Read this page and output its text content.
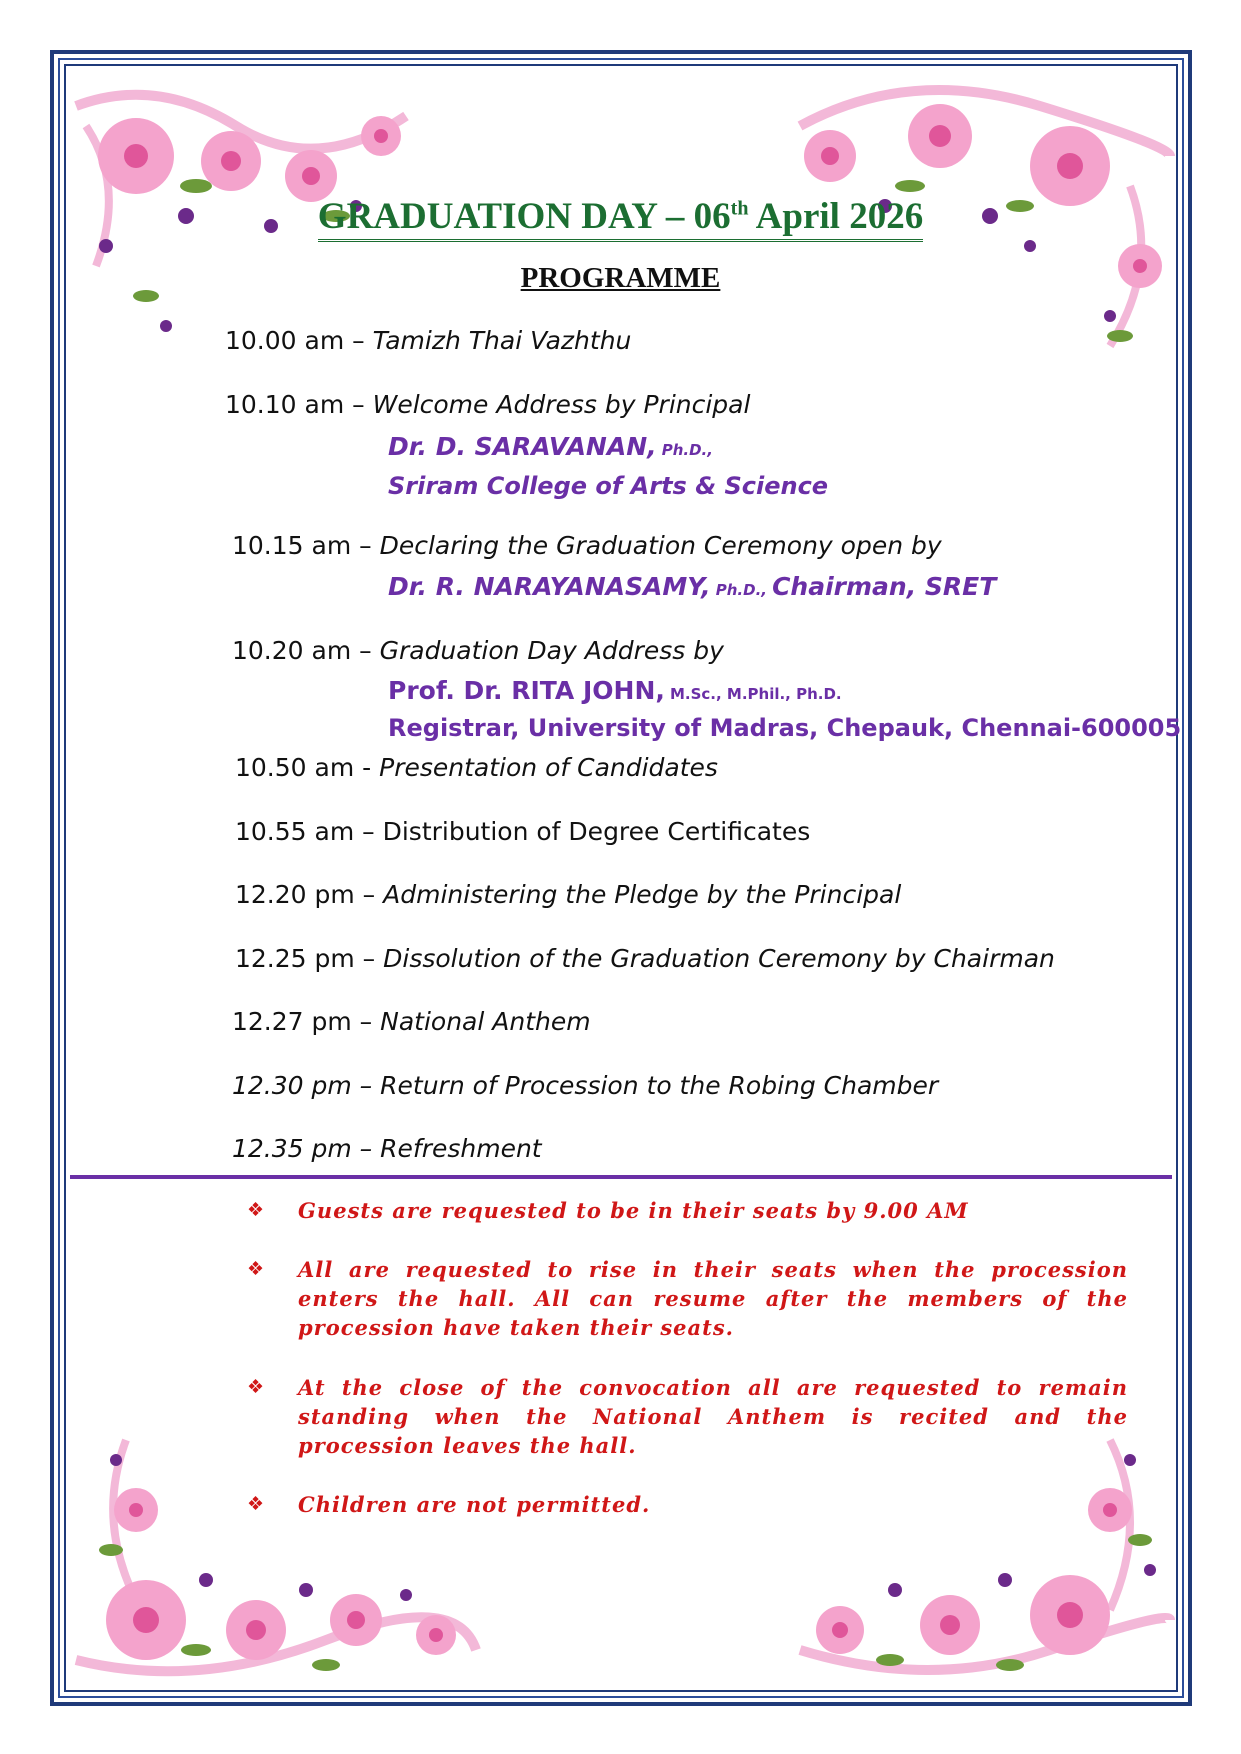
GRADUATION DAY – 06th April 2026
PROGRAMME
10.00 am – Tamizh Thai Vazhthu
10.10 am – Welcome Address by Principal
Dr. D. SARAVANAN, Ph.D.,
Sriram College of Arts & Science
10.15 am – Declaring the Graduation Ceremony open by
Dr. R. NARAYANASAMY, Ph.D., Chairman, SRET
10.20 am – Graduation Day Address by
Prof. Dr. RITA JOHN, M.Sc., M.Phil., Ph.D.
Registrar, University of Madras, Chepauk, Chennai-600005
10.50 am - Presentation of Candidates
10.55 am – Distribution of Degree Certificates
12.20 pm – Administering the Pledge by the Principal
12.25 pm – Dissolution of the Graduation Ceremony by Chairman
12.27 pm – National Anthem
12.30 pm – Return of Procession to the Robing Chamber
12.35 pm – Refreshment
❖ Guests are requested to be in their seats by 9.00 AM
❖ All are requested to rise in their seats when the procession enters the hall. All can resume after the members of the procession have taken their seats.
❖ At the close of the convocation all are requested to remain standing when the National Anthem is recited and the procession leaves the hall.
❖ Children are not permitted.
